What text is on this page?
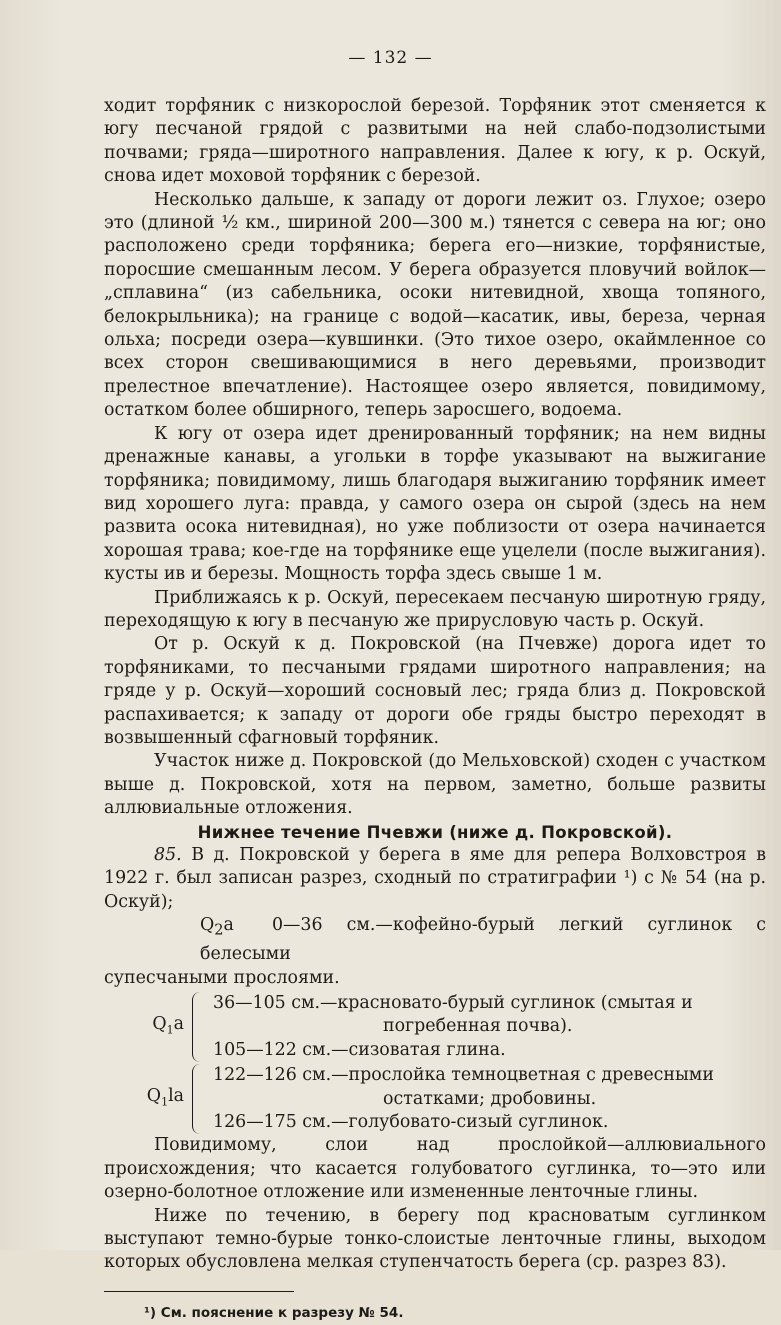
— 132 —

ходит торфяник с низкорослой березой. Торфяник этот сменяется к югу песчаной грядой с развитыми на ней слабо-подзолистыми почвами; гряда—широтного направления. Далее к югу, к р. Оскуй, снова идет моховой торфяник с березой.

Несколько дальше, к западу от дороги лежит оз. Глухое; озеро это (длиной ½ км., шириной 200—300 м.) тянется с севера на юг; оно расположено среди торфяника; берега его—низкие, торфянистые, поросшие смешанным лесом. У берега образуется пловучий войлок—„сплавина“ (из сабельника, осоки нитевидной, хвоща топяного, белокрыльника); на границе с водой—касатик, ивы, береза, черная ольха; посреди озера—кувшинки. (Это тихое озеро, окаймленное со всех сторон свешивающимися в него деревьями, производит прелестное впечатление). Настоящее озеро является, повидимому, остатком более обширного, теперь заросшего, водоема.

К югу от озера идет дренированный торфяник; на нем видны дренажные канавы, а угольки в торфе указывают на выжигание торфяника; повидимому, лишь благодаря выжиганию торфяник имеет вид хорошего луга: правда, у самого озера он сырой (здесь на нем развита осока нитевидная), но уже поблизости от озера начинается хорошая трава; кое-где на торфянике еще уцелели (после выжигания). кусты ив и березы. Мощность торфа здесь свыше 1 м.

Приближаясь к р. Оскуй, пересекаем песчаную широтную гряду, переходящую к югу в песчаную же прирусловую часть р. Оскуй.

От р. Оскуй к д. Покровской (на Пчевже) дорога идет то торфяниками, то песчаными грядами широтного направления; на гряде у р. Оскуй—хороший сосновый лес; гряда близ д. Покровской распахивается; к западу от дороги обе гряды быстро переходят в возвышенный сфагновый торфяник.

Участок ниже д. Покровской (до Мельховской) сходен с участком выше д. Покровской, хотя на первом, заметно, больше развиты аллювиальные отложения.

Нижнее течение Пчевжи (ниже д. Покровской).

85. В д. Покровской у берега в яме для репера Волховстроя в 1922 г. был записан разрез, сходный по стратиграфии ¹) с № 54 (на р. Оскуй);

$Q_2a$ 0—36 см.—кофейно-бурый легкий суглинок с белесыми
супесчаными прослоями.
$Q_1a$
36—105 см.—красновато-бурый суглинок (смытая и
погребенная почва).
105—122 см.—сизоватая глина.
$Q_1la$
122—126 см.—прослойка темноцветная с древесными
остатками; дробовины.
126—175 см.—голубовато-сизый суглинок.

Повидимому, слои над прослойкой—аллювиального происхождения; что касается голубоватого суглинка, то—это или озерно-болотное отложение или измененные ленточные глины.

Ниже по течению, в берегу под красноватым суглинком выступают темно-бурые тонко-слоистые ленточные глины, выходом которых обусловлена мелкая ступенчатость берега (ср. разрез 83).

¹) См. пояснение к разрезу № 54.
